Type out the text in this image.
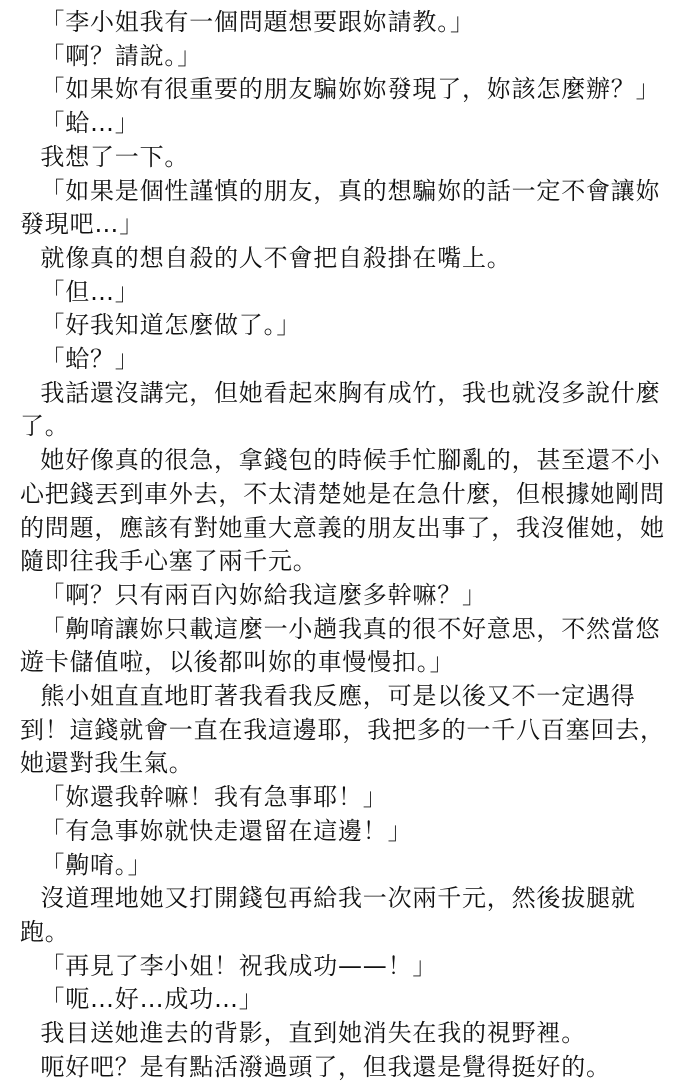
「李小姐我有一個問題想要跟妳請教。」

「啊？請說。」

「如果妳有很重要的朋友騙妳妳發現了，妳該怎麼辦？」

「蛤…」

我想了一下。

「如果是個性謹慎的朋友，真的想騙妳的話一定不會讓妳發現吧…」

就像真的想自殺的人不會把自殺掛在嘴上。

「但…」

「好我知道怎麼做了。」

「蛤？」

我話還沒講完，但她看起來胸有成竹，我也就沒多說什麼了。

她好像真的很急，拿錢包的時候手忙腳亂的，甚至還不小心把錢丟到車外去，不太清楚她是在急什麼，但根據她剛問的問題，應該有對她重大意義的朋友出事了，我沒催她，她隨即往我手心塞了兩千元。

「啊？只有兩百內妳給我這麼多幹嘛？」

「齁唷讓妳只載這麼一小趟我真的很不好意思，不然當悠遊卡儲值啦，以後都叫妳的車慢慢扣。」

熊小姐直直地盯著我看我反應，可是以後又不一定遇得到！這錢就會一直在我這邊耶，我把多的一千八百塞回去，她還對我生氣。

「妳還我幹嘛！我有急事耶！」

「有急事妳就快走還留在這邊！」

「齁唷。」

沒道理地她又打開錢包再給我一次兩千元，然後拔腿就跑。

「再見了李小姐！祝我成功——！」

「呃…好…成功…」

我目送她進去的背影，直到她消失在我的視野裡。

呃好吧？是有點活潑過頭了，但我還是覺得挺好的。
